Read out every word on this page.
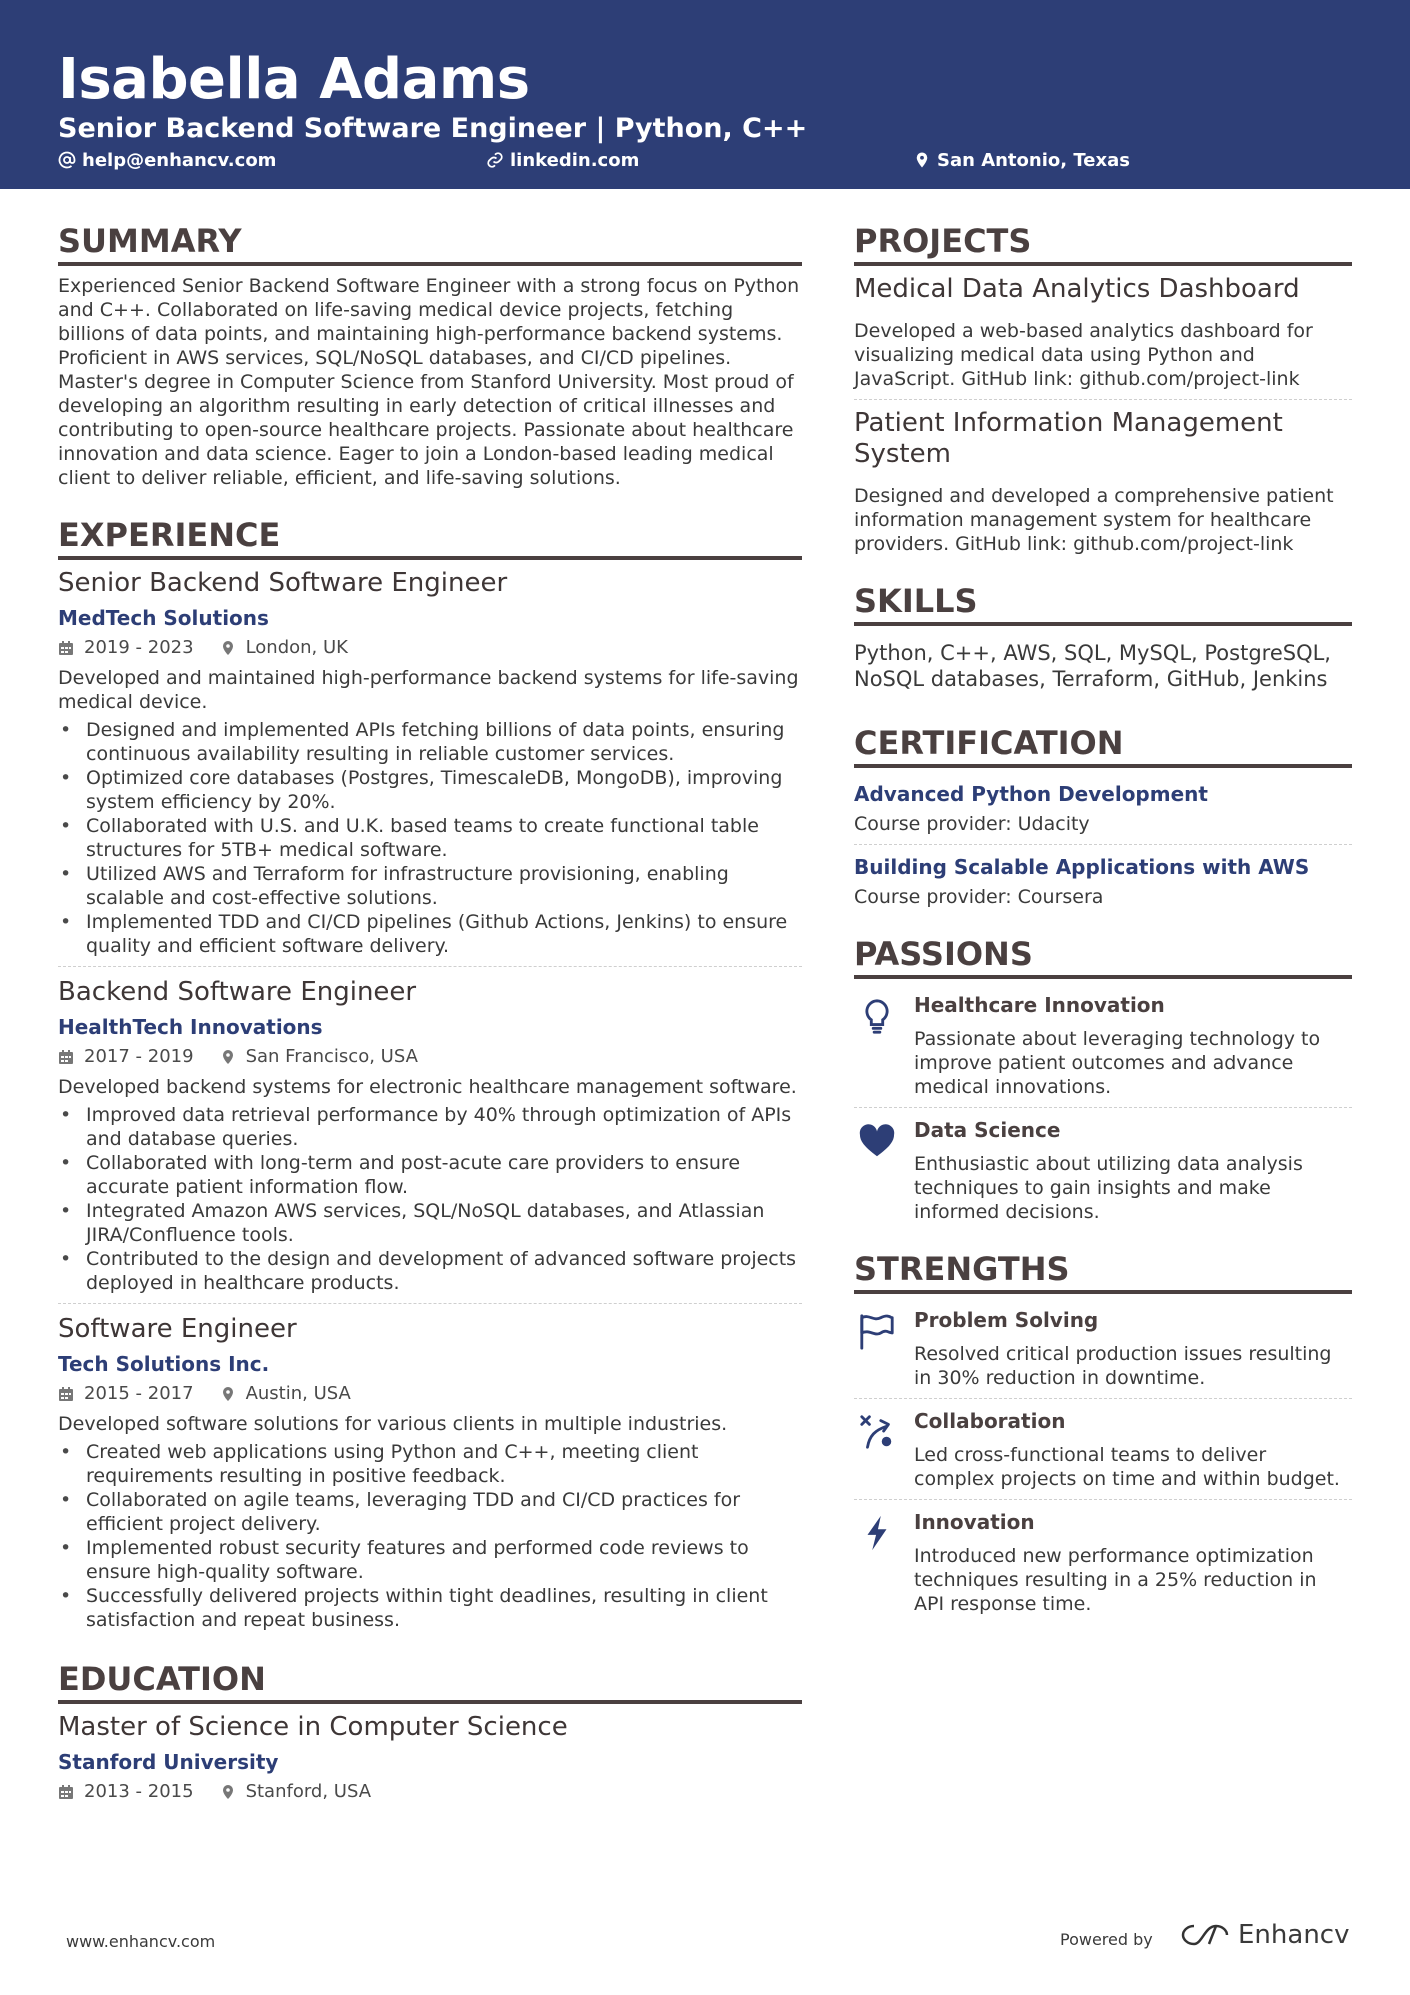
Isabella Adams
Senior Backend Software Engineer | Python, C++
help@enhancv.com	linkedin.com	San Antonio, Texas
SUMMARY

Experienced Senior Backend Software Engineer with a strong focus on Python and C++. Collaborated on life-saving medical device projects, fetching billions of data points, and maintaining high-performance backend systems. Proficient in AWS services, SQL/NoSQL databases, and CI/CD pipelines. Master's degree in Computer Science from Stanford University. Most proud of developing an algorithm resulting in early detection of critical illnesses and contributing to open-source healthcare projects. Passionate about healthcare innovation and data science. Eager to join a London-based leading medical client to deliver reliable, efficient, and life-saving solutions.

EXPERIENCE
Senior Backend Software Engineer
MedTech Solutions
2019 - 2023	London, UK
Developed and maintained high-performance backend systems for life-saving medical device.
• Designed and implemented APIs fetching billions of data points, ensuring continuous availability resulting in reliable customer services.
• Optimized core databases (Postgres, TimescaleDB, MongoDB), improving system efficiency by 20%.
• Collaborated with U.S. and U.K. based teams to create functional table structures for 5TB+ medical software.
• Utilized AWS and Terraform for infrastructure provisioning, enabling scalable and cost-effective solutions.
• Implemented TDD and CI/CD pipelines (Github Actions, Jenkins) to ensure quality and efficient software delivery.
Backend Software Engineer
HealthTech Innovations
2017 - 2019	San Francisco, USA
Developed backend systems for electronic healthcare management software.
• Improved data retrieval performance by 40% through optimization of APIs and database queries.
• Collaborated with long-term and post-acute care providers to ensure accurate patient information flow.
• Integrated Amazon AWS services, SQL/NoSQL databases, and Atlassian JIRA/Confluence tools.
• Contributed to the design and development of advanced software projects deployed in healthcare products.
Software Engineer
Tech Solutions Inc.
2015 - 2017	Austin, USA
Developed software solutions for various clients in multiple industries.
• Created web applications using Python and C++, meeting client requirements resulting in positive feedback.
• Collaborated on agile teams, leveraging TDD and CI/CD practices for efficient project delivery.
• Implemented robust security features and performed code reviews to ensure high-quality software.
• Successfully delivered projects within tight deadlines, resulting in client satisfaction and repeat business.
EDUCATION
Master of Science in Computer Science
Stanford University
2013 - 2015	Stanford, USA
PROJECTS
Medical Data Analytics Dashboard
Developed a web-based analytics dashboard for visualizing medical data using Python and JavaScript. GitHub link: github.com/project-link
Patient Information Management System
Designed and developed a comprehensive patient information management system for healthcare providers. GitHub link: github.com/project-link
SKILLS
Python, C++, AWS, SQL, MySQL, PostgreSQL, NoSQL databases, Terraform, GitHub, Jenkins
CERTIFICATION
Advanced Python Development
Course provider: Udacity
Building Scalable Applications with AWS
Course provider: Coursera
PASSIONS
Healthcare Innovation
Passionate about leveraging technology to improve patient outcomes and advance medical innovations.
Data Science
Enthusiastic about utilizing data analysis techniques to gain insights and make informed decisions.
STRENGTHS
Problem Solving
Resolved critical production issues resulting in 30% reduction in downtime.
Collaboration
Led cross-functional teams to deliver complex projects on time and within budget.
Innovation
Introduced new performance optimization techniques resulting in a 25% reduction in API response time.
www.enhancv.com	Powered by	Enhancv
